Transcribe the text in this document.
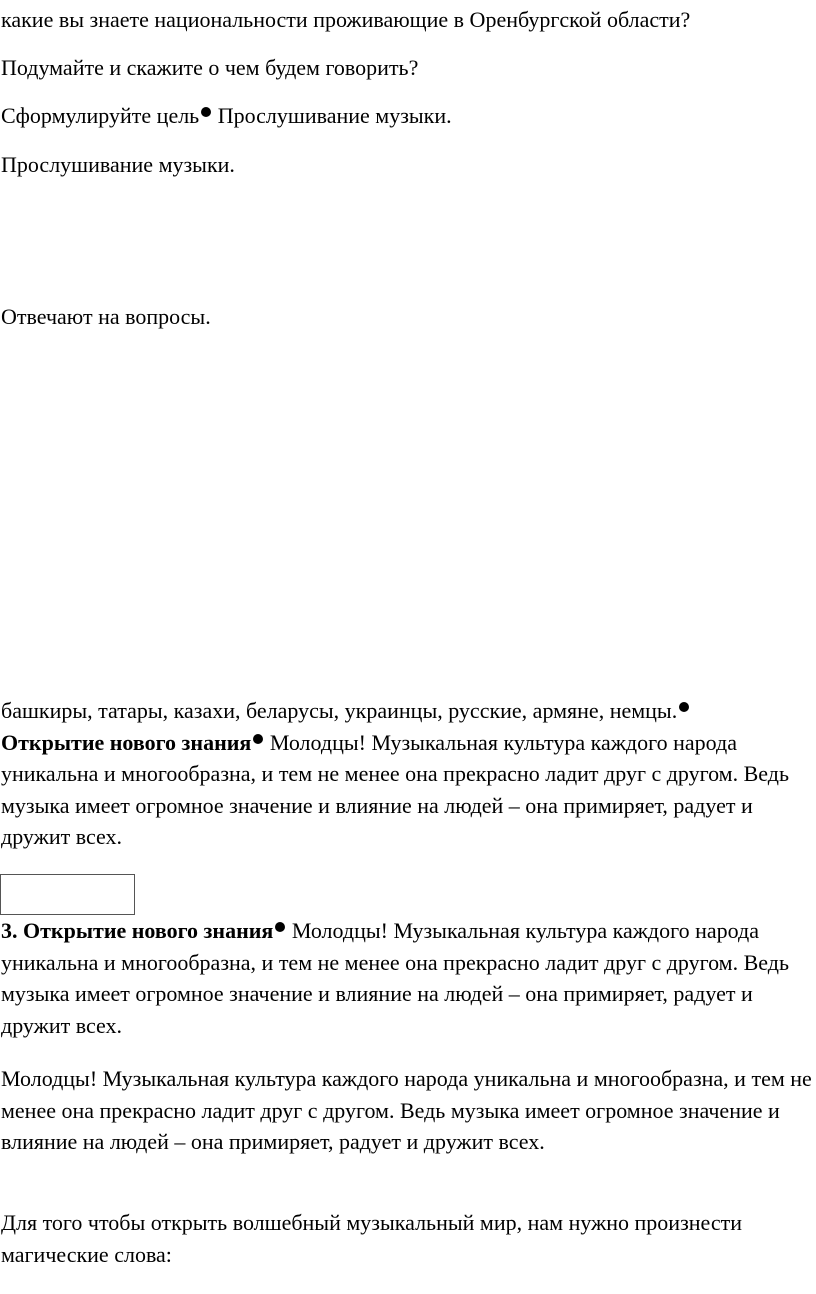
какие вы знаете национальности проживающие в Оренбургской области?
Подумайте и скажите о чем будем говорить?
Сформулируйте цель Прослушивание музыки.
Прослушивание музыки.
Отвечают на вопросы.
башкиры, татары, казахи, беларусы, украинцы, русские, армяне, немцы.
Открытие нового знания Молодцы! Музыкальная культура каждого народа уникальна и многообразна, и тем не менее она прекрасно ладит друг с другом. Ведь музыка имеет огромное значение и влияние на людей – она примиряет, радует и дружит всех.
3. Открытие нового знания Молодцы! Музыкальная культура каждого народа уникальна и многообразна, и тем не менее она прекрасно ладит друг с другом. Ведь музыка имеет огромное значение и влияние на людей – она примиряет, радует и дружит всех.
Молодцы! Музыкальная культура каждого народа уникальна и многообразна, и тем не менее она прекрасно ладит друг с другом. Ведь музыка имеет огромное значение и влияние на людей – она примиряет, радует и дружит всех.
Для того чтобы открыть волшебный музыкальный мир, нам нужно произнести магические слова:
